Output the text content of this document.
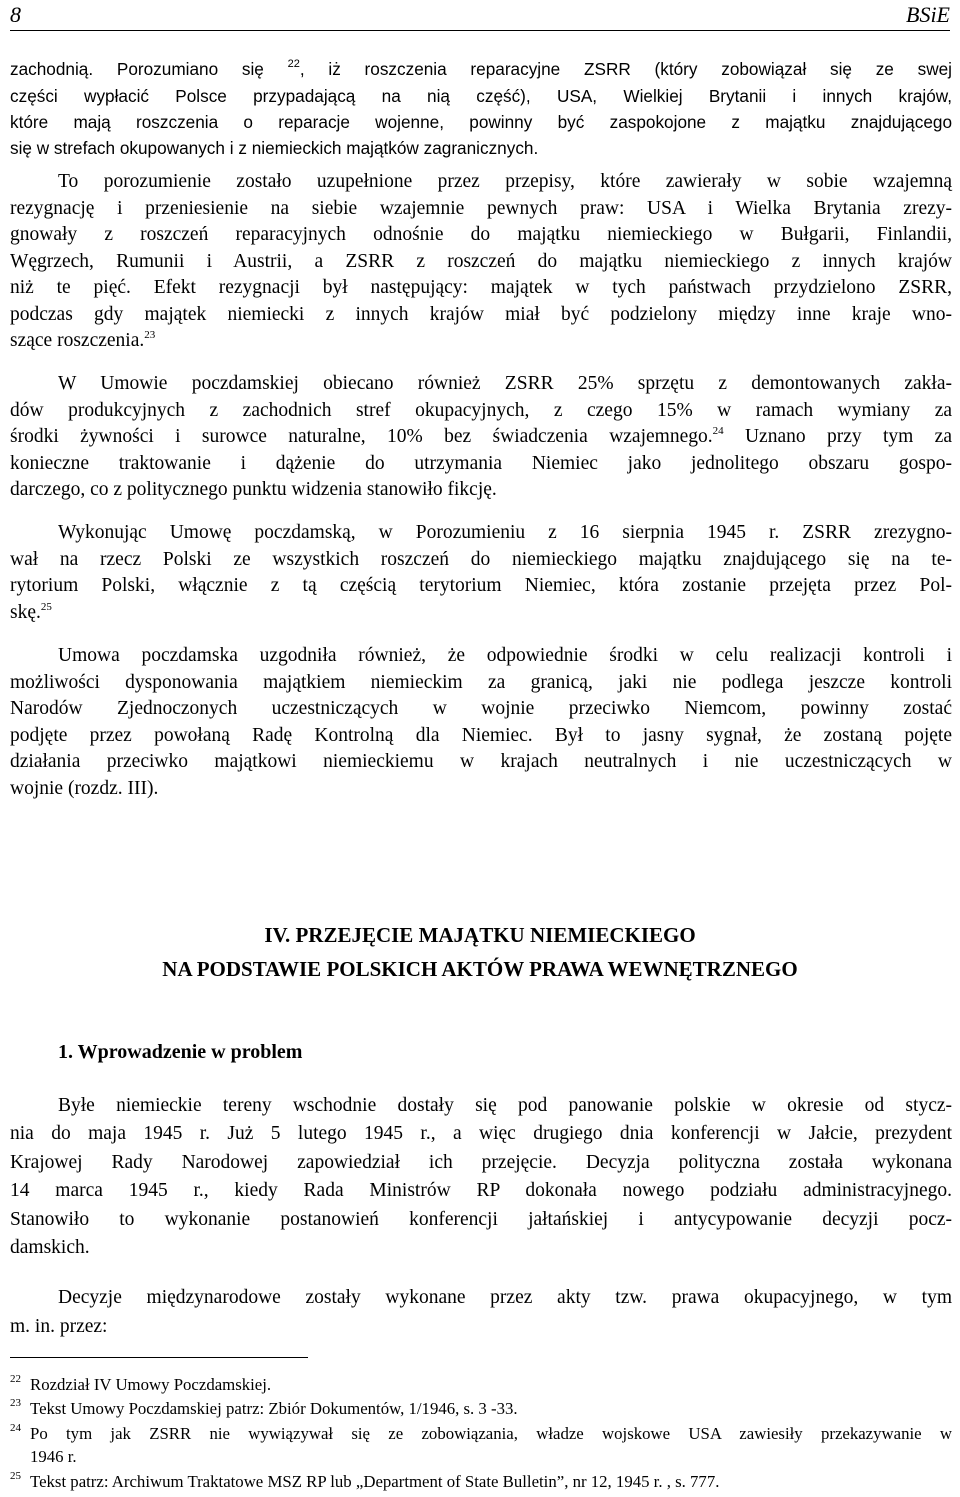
8	BSiE
zachodnią. Porozumiano się $^{22}$, iż roszczenia reparacyjne ZSRR (który zobowiązał się ze swej
części wypłacić Polsce przypadającą na nią część), USA, Wielkiej Brytanii i innych krajów,
które mają roszczenia o reparacje wojenne, powinny być zaspokojone z majątku znajdującego
się w strefach okupowanych i z niemieckich majątków zagranicznych.
To porozumienie zostało uzupełnione przez przepisy, które zawierały w sobie wzajemną
rezygnację i przeniesienie na siebie wzajemnie pewnych praw: USA i Wielka Brytania zrezy-
gnowały z roszczeń reparacyjnych odnośnie do majątku niemieckiego w Bułgarii, Finlandii,
Węgrzech, Rumunii i Austrii, a ZSRR z roszczeń do majątku niemieckiego z innych krajów
niż te pięć. Efekt rezygnacji był następujący: majątek w tych państwach przydzielono ZSRR,
podczas gdy majątek niemiecki z innych krajów miał być podzielony między inne kraje wno-
szące roszczenia.$^{23}$
W Umowie poczdamskiej obiecano również ZSRR 25% sprzętu z demontowanych zakła-
dów produkcyjnych z zachodnich stref okupacyjnych, z czego 15% w ramach wymiany za
środki żywności i surowce naturalne, 10% bez świadczenia wzajemnego.$^{24}$ Uznano przy tym za
konieczne traktowanie i dążenie do utrzymania Niemiec jako jednolitego obszaru gospo-
darczego, co z politycznego punktu widzenia stanowiło fikcję.
Wykonując Umowę poczdamską, w Porozumieniu z 16 sierpnia 1945 r. ZSRR zrezygno-
wał na rzecz Polski ze wszystkich roszczeń do niemieckiego majątku znajdującego się na te-
rytorium Polski, włącznie z tą częścią terytorium Niemiec, która zostanie przejęta przez Pol-
skę.$^{25}$
Umowa poczdamska uzgodniła również, że odpowiednie środki w celu realizacji kontroli i
możliwości dysponowania majątkiem niemieckim za granicą, jaki nie podlega jeszcze kontroli
Narodów Zjednoczonych uczestniczących w wojnie przeciwko Niemcom, powinny zostać
podjęte przez powołaną Radę Kontrolną dla Niemiec. Był to jasny sygnał, że zostaną pojęte
działania przeciwko majątkowi niemieckiemu w krajach neutralnych i nie uczestniczących w
wojnie (rozdz. III).
IV. PRZEJĘCIE MAJĄTKU NIEMIECKIEGO
NA PODSTAWIE POLSKICH AKTÓW PRAWA WEWNĘTRZNEGO
1. Wprowadzenie w problem
Byłe niemieckie tereny wschodnie dostały się pod panowanie polskie w okresie od stycz-
nia do maja 1945 r. Już 5 lutego 1945 r., a więc drugiego dnia konferencji w Jałcie, prezydent
Krajowej Rady Narodowej zapowiedział ich przejęcie. Decyzja polityczna została wykonana
14 marca 1945 r., kiedy Rada Ministrów RP dokonała nowego podziału administracyjnego.
Stanowiło to wykonanie postanowień konferencji jałtańskiej i antycypowanie decyzji pocz-
damskich.
Decyzje międzynarodowe zostały wykonane przez akty tzw. prawa okupacyjnego, w tym
m. in. przez:
22 Rozdział IV Umowy Poczdamskiej.
23 Tekst Umowy Poczdamskiej patrz: Zbiór Dokumentów, 1/1946, s. 3 -33.
24 Po tym jak ZSRR nie wywiązywał się ze zobowiązania, władze wojskowe USA zawiesiły przekazywanie w
1946 r.
25 Tekst patrz: Archiwum Traktatowe MSZ RP lub „Department of State Bulletin”, nr 12, 1945 r. , s. 777.
